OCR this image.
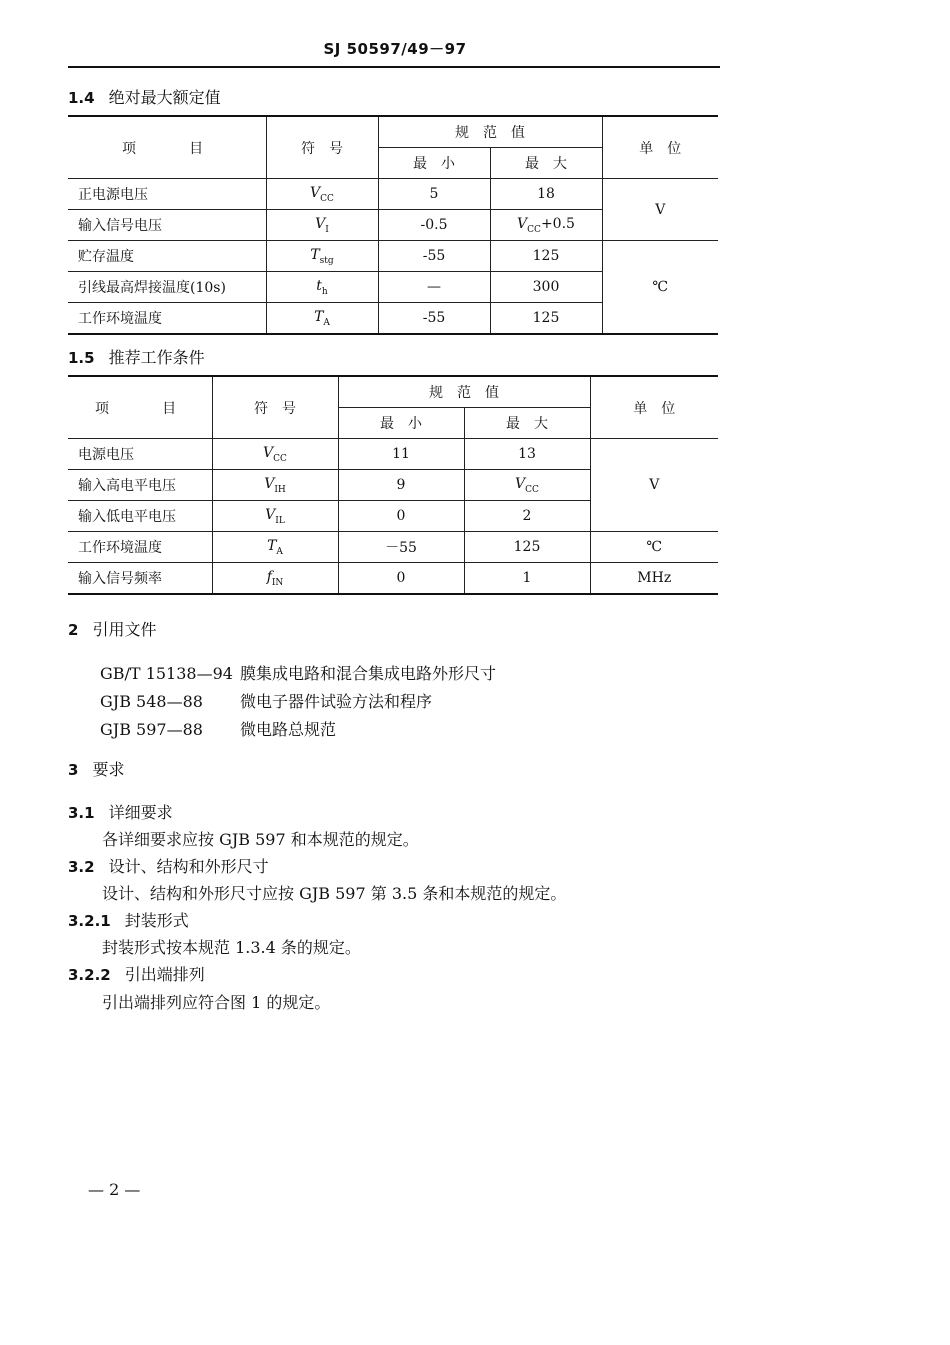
SJ 50597/49－97
1.4 绝对最大额定值
项　　目	符　号	规　范　值		单　位
		最　小	最　大	
正电源电压	$V_{CC}$	5	18	V
输入信号电压	$V_I$	-0.5	$V_{CC}+0.5$	
贮存温度	$T_{stg}$	-55	125	℃
引线最高焊接温度(10s)	$t_h$	—	300	
工作环境温度	$T_A$	-55	125	
1.5 推荐工作条件
项　　目	符　号	规　范　值		单　位
		最　小	最　大	
电源电压	$V_{CC}$	11	13	V
输入高电平电压	$V_{IH}$	9	$V_{CC}$
输入低电平电压	$V_{IL}$	0	2	
工作环境温度	$T_A$	－55	125	℃
输入信号频率	$f_{IN}$	0	1	MHz
2 引用文件
GB/T 15138—94 膜集成电路和混合集成电路外形尺寸
GJB 548—88 微电子器件试验方法和程序
GJB 597—88 微电路总规范
3 要求
3.1 详细要求
各详细要求应按 GJB 597 和本规范的规定。
3.2 设计、结构和外形尺寸
设计、结构和外形尺寸应按 GJB 597 第 3.5 条和本规范的规定。
3.2.1 封装形式
封装形式按本规范 1.3.4 条的规定。
3.2.2 引出端排列
引出端排列应符合图 1 的规定。
— 2 —
